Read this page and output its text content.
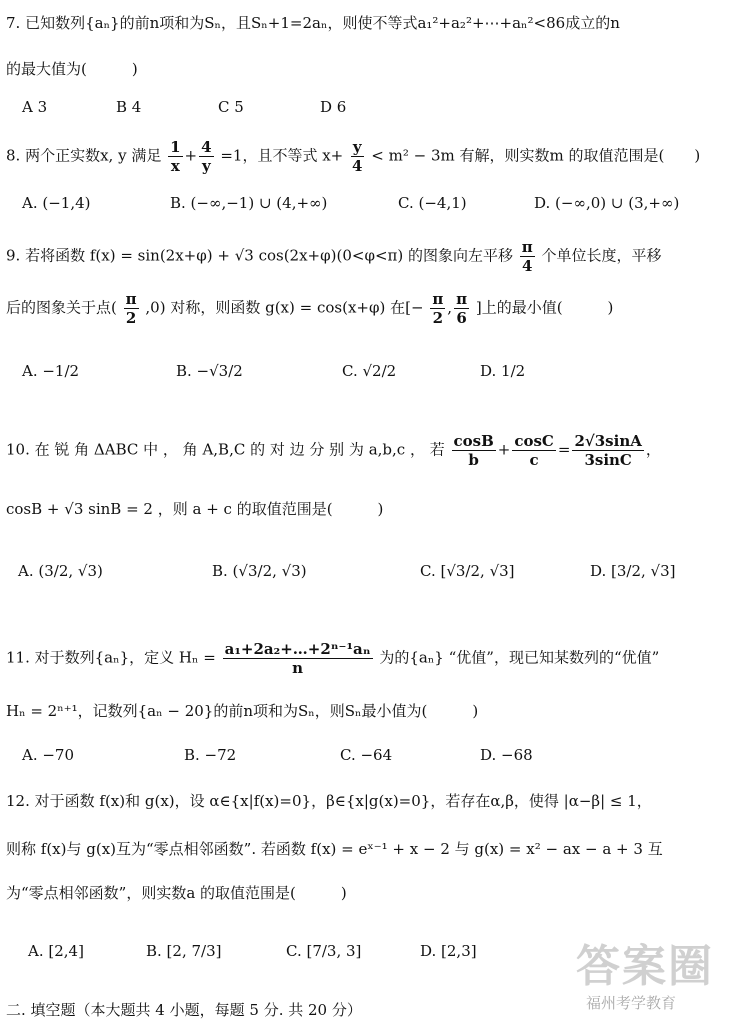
7. 已知数列{aₙ}的前n项和为Sₙ，且Sₙ+1=2aₙ，则使不等式a₁²+a₂²+⋯+aₙ²<86成立的n
的最大值为(　　　)
A 3	B 4	C 5	D 6
8. 两个正实数x, y 满足 $\frac{1}{x} + \frac{4}{y} =1$，且不等式 $x+ \frac{y}{4} < m^2 - 3m$ 有解，则实数m 的取值范围是(　　)
A. (−1,4)	B. (−∞,−1) ∪ (4,+∞)	C. (−4,1)	D. (−∞,0) ∪ (3,+∞)
9. 若将函数 f(x) = sin(2x+φ) + √3 cos(2x+φ)(0<φ<π) 的图象向左平移 $\frac{\pi}{4}$ 个单位长度，平移
后的图象关于点( $\frac{\pi}{2} ,0$) 对称，则函数 g(x) = cos(x+φ) 在[− $\frac{\pi}{2}$ , $\frac{\pi}{6}$ ]上的最小值(　　　)
A. −1/2	B. −√3/2	C. √2/2	D. 1/2
10. 在 锐 角 ΔABC 中 ， 角 A,B,C 的 对 边 分 别 为 a,b,c ， 若 $\frac{\cos B}{b} + \frac{\cos C}{c} = \frac{2√3\sin A}{3\sin C}$ ，
cosB + √3 sinB = 2 ，则 a + c 的取值范围是(　　　)
A. (3/2, √3)	B. (√3/2, √3)	C. [√3/2, √3]	D. [3/2, √3]
11. 对于数列{aₙ}，定义 $H_n = \frac{\text{a₁+2a₂+…+2ⁿ⁻¹aₙ}}{n}$ 为的{aₙ} “优值”，现已知某数列的“优值”
Hₙ = 2ⁿ⁺¹，记数列{aₙ − 20}的前n项和为Sₙ，则Sₙ最小值为(　　　)
A. −70	B. −72	C. −64	D. −68
12. 对于函数 f(x)和 g(x)，设 α∈{x|f(x)=0}，β∈{x|g(x)=0}，若存在α,β，使得 |α−β| ≤ 1，
则称 f(x)与 g(x)互为“零点相邻函数”. 若函数 f(x) = eˣ⁻¹ + x − 2 与 g(x) = x² − ax − a + 3 互
为“零点相邻函数”，则实数a 的取值范围是(　　　)
A. [2,4]	B. [2, 7/3]	C. [7/3, 3]	D. [2,3]
二. 填空题（本大题共 4 小题，每题 5 分. 共 20 分）
答案圈
福州考学教育
